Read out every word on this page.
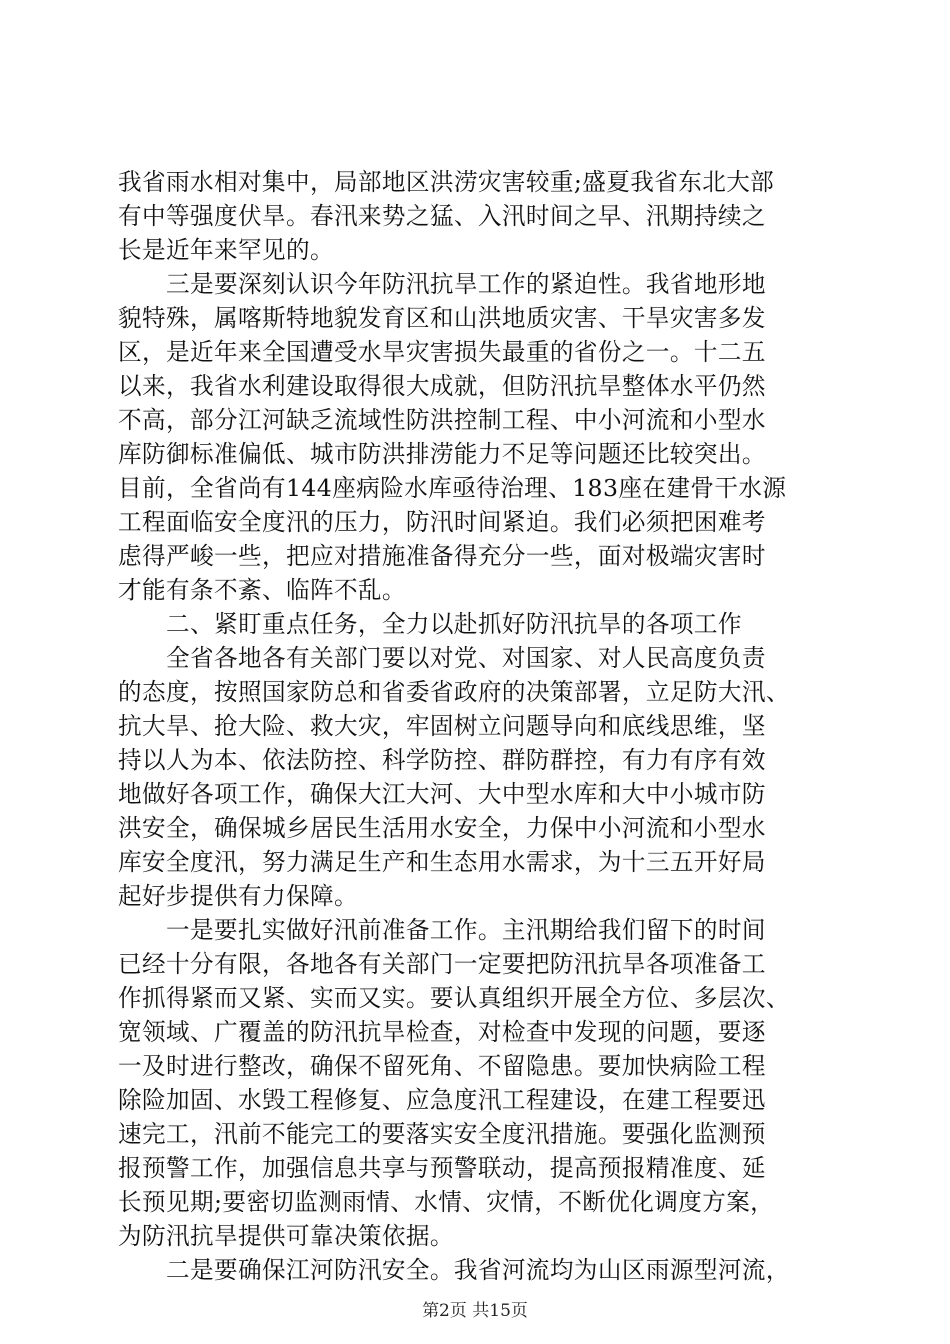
我省雨水相对集中，局部地区洪涝灾害较重;盛夏我省东北大部
有中等强度伏旱。春汛来势之猛、入汛时间之早、汛期持续之
长是近年来罕见的。
　　三是要深刻认识今年防汛抗旱工作的紧迫性。我省地形地
貌特殊，属喀斯特地貌发育区和山洪地质灾害、干旱灾害多发
区，是近年来全国遭受水旱灾害损失最重的省份之一。十二五
以来，我省水利建设取得很大成就，但防汛抗旱整体水平仍然
不高，部分江河缺乏流域性防洪控制工程、中小河流和小型水
库防御标准偏低、城市防洪排涝能力不足等问题还比较突出。
目前，全省尚有144座病险水库亟待治理、183座在建骨干水源
工程面临安全度汛的压力，防汛时间紧迫。我们必须把困难考
虑得严峻一些，把应对措施准备得充分一些，面对极端灾害时
才能有条不紊、临阵不乱。
　　二、紧盯重点任务，全力以赴抓好防汛抗旱的各项工作
　　全省各地各有关部门要以对党、对国家、对人民高度负责
的态度，按照国家防总和省委省政府的决策部署，立足防大汛、
抗大旱、抢大险、救大灾，牢固树立问题导向和底线思维，坚
持以人为本、依法防控、科学防控、群防群控，有力有序有效
地做好各项工作，确保大江大河、大中型水库和大中小城市防
洪安全，确保城乡居民生活用水安全，力保中小河流和小型水
库安全度汛，努力满足生产和生态用水需求，为十三五开好局
起好步提供有力保障。
　　一是要扎实做好汛前准备工作。主汛期给我们留下的时间
已经十分有限，各地各有关部门一定要把防汛抗旱各项准备工
作抓得紧而又紧、实而又实。要认真组织开展全方位、多层次、
宽领域、广覆盖的防汛抗旱检查，对检查中发现的问题，要逐
一及时进行整改，确保不留死角、不留隐患。要加快病险工程
除险加固、水毁工程修复、应急度汛工程建设，在建工程要迅
速完工，汛前不能完工的要落实安全度汛措施。要强化监测预
报预警工作，加强信息共享与预警联动，提高预报精准度、延
长预见期;要密切监测雨情、水情、灾情，不断优化调度方案，
为防汛抗旱提供可靠决策依据。
　　二是要确保江河防汛安全。我省河流均为山区雨源型河流，
第2页 共15页
